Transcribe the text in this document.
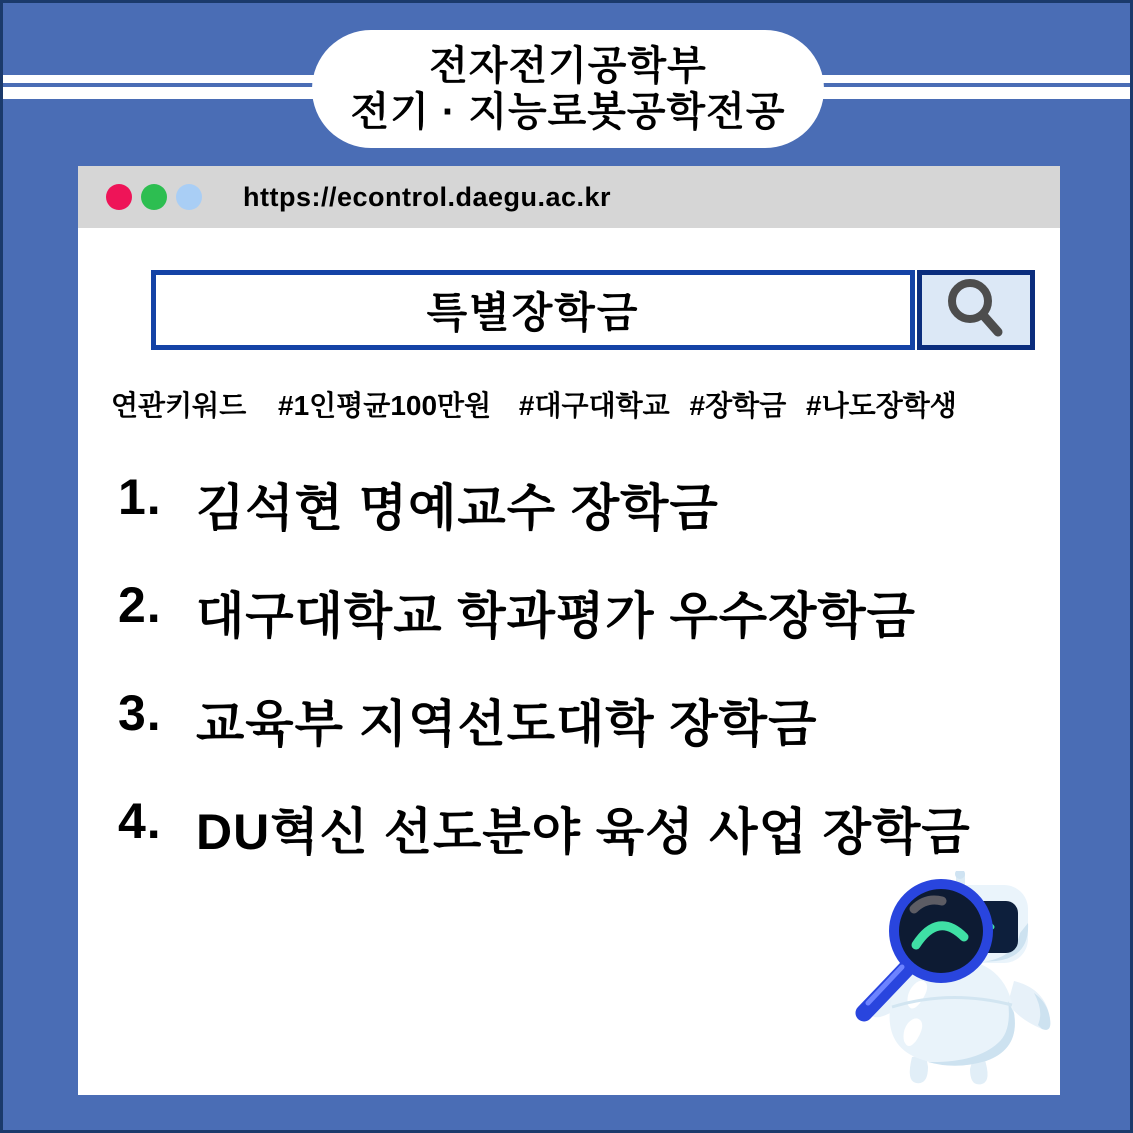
전자전기공학부
전기 · 지능로봇공학전공
https://econtrol.daegu.ac.kr
특별장학금
연관키워드 #1인평균100만원 #대구대학교 #장학금 #나도장학생
1. 김석현 명예교수 장학금
2. 대구대학교 학과평가 우수장학금
3. 교육부 지역선도대학 장학금
4. DU혁신 선도분야 육성 사업 장학금
